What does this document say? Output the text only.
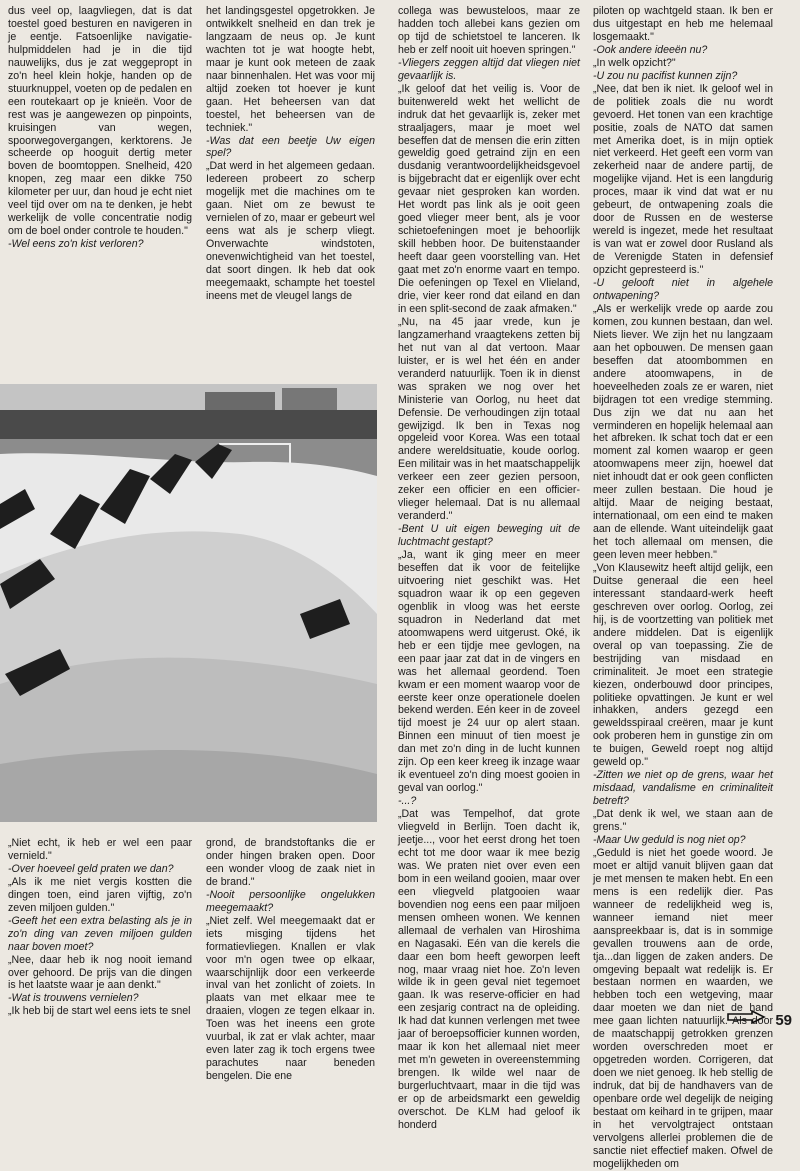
dus veel op, laagvliegen, dat is dat toestel goed besturen en navigeren in je eentje. Fatsoenlijke navigatie-hulpmiddelen had je in die tijd nauwelijks, dus je zat weggepropt in zo'n heel klein hokje, handen op de stuurknuppel, voeten op de pedalen en een routekaart op je knieën. Voor de rest was je aangewezen op pinpoints, kruisingen van wegen, spoorwegovergangen, kerktorens. Je scheerde op hooguit dertig meter boven de boomtoppen. Snelheid, 420 knopen, zeg maar een dikke 750 kilometer per uur, dan houd je echt niet veel tijd over om na te denken, je hebt werkelijk de volle concentratie nodig om de boel onder controle te houden."

-Wel eens zo'n kist verloren?

het landingsgestel opgetrokken. Je ontwikkelt snelheid en dan trek je langzaam de neus op. Je kunt wachten tot je wat hoogte hebt, maar je kunt ook meteen de zaak naar binnenhalen. Het was voor mij altijd zoeken tot hoever je kunt gaan. Het beheersen van dat toestel, het beheersen van de techniek."

-Was dat een beetje Uw eigen spel?

„Dat werd in het algemeen gedaan. Iedereen probeert zo scherp mogelijk met die machines om te gaan. Niet om ze bewust te vernielen of zo, maar er gebeurt wel eens wat als je scherp vliegt. Onverwachte windstoten, onevenwichtigheid van het toestel, dat soort dingen. Ik heb dat ook meegemaakt, schampte het toestel ineens met de vleugel langs de

collega was bewusteloos, maar ze hadden toch allebei kans gezien om op tijd de schietstoel te lanceren. Ik heb er zelf nooit uit hoeven springen."

-Vliegers zeggen altijd dat vliegen niet gevaarlijk is.

„Ik geloof dat het veilig is. Voor de buitenwereld wekt het wellicht de indruk dat het gevaarlijk is, zeker met straaljagers, maar je moet wel beseffen dat de mensen die erin zitten geweldig goed getraind zijn en een dusdanig verantwoordelijkheidsgevoel is bijgebracht dat er eigenlijk over echt gevaar niet gesproken kan worden. Het wordt pas link als je ooit geen goed vlieger meer bent, als je voor schietoefeningen moet je behoorlijk skill hebben hoor. De buitenstaander heeft daar geen voorstelling van. Het gaat met zo'n enorme vaart en tempo. Die oefeningen op Texel en Vlieland, drie, vier keer rond dat eiland en dan in een split-second de zaak afmaken."

„Nu, na 45 jaar vrede, kun je langzamerhand vraagtekens zetten bij het nut van al dat vertoon. Maar luister, er is wel het één en ander veranderd natuurlijk. Toen ik in dienst was spraken we nog over het Ministerie van Oorlog, nu heet dat Defensie. De verhoudingen zijn totaal gewijzigd. Ik ben in Texas nog opgeleid voor Korea. Was een totaal andere wereldsituatie, koude oorlog. Een militair was in het maatschappelijk verkeer een zeer gezien persoon, zeker een officier en een officier-vlieger helemaal. Dat is nu allemaal veranderd."

-Bent U uit eigen beweging uit de luchtmacht gestapt?

„Ja, want ik ging meer en meer beseffen dat ik voor de feitelijke uitvoering niet geschikt was. Het squadron waar ik op een gegeven ogenblik in vloog was het eerste squadron in Nederland dat met atoomwapens werd uitgerust. Oké, ik heb er een tijdje mee gevlogen, na een paar jaar zat dat in de vingers en was het allemaal geordend. Toen kwam er een moment waarop voor de eerste keer onze operationele doelen bekend werden. Eén keer in de zoveel tijd moest je 24 uur op alert staan. Binnen een minuut of tien moest je dan met zo'n ding in de lucht kunnen zijn. Op een keer kreeg ik inzage waar ik eventueel zo'n ding moest gooien in geval van oorlog."

-...?

„Dat was Tempelhof, dat grote vliegveld in Berlijn. Toen dacht ik, jeetje..., voor het eerst drong het toen echt tot me door waar ik mee bezig was. We praten niet over even een bom in een weiland gooien, maar over een vliegveld platgooien waar bovendien nog eens een paar miljoen mensen omheen wonen. We kennen allemaal de verhalen van Hiroshima en Nagasaki. Eén van die kerels die daar een bom heeft geworpen leeft nog, maar vraag niet hoe. Zo'n leven wilde ik in geen geval niet tegemoet gaan. Ik was reserve-officier en had een zesjarig contract na de opleiding. Ik had dat kunnen verlengen met twee jaar of beroepsofficier kunnen worden, maar ik kon het allemaal niet meer met m'n geweten in overeenstemming brengen. Ik wilde wel naar de burgerluchtvaart, maar in die tijd was er op de arbeidsmarkt een geweldig overschot. De KLM had geloof ik honderd

piloten op wachtgeld staan. Ik ben er dus uitgestapt en heb me helemaal losgemaakt."

-Ook andere ideeën nu?

„In welk opzicht?"

-U zou nu pacifist kunnen zijn?

„Nee, dat ben ik niet. Ik geloof wel in de politiek zoals die nu wordt gevoerd. Het tonen van een krachtige positie, zoals de NATO dat samen met Amerika doet, is in mijn optiek niet verkeerd. Het geeft een vorm van zekerheid naar de andere partij, de mogelijke vijand. Het is een langdurig proces, maar ik vind dat wat er nu gebeurt, de ontwapening zoals die door de Russen en de westerse wereld is ingezet, mede het resultaat is van wat er zowel door Rusland als de Verenigde Staten in defensief opzicht gepresteerd is."

-U gelooft niet in algehele ontwapening?

„Als er werkelijk vrede op aarde zou komen, zou kunnen bestaan, dan wel. Niets liever. We zijn het nu langzaam aan het opbouwen. De mensen gaan beseffen dat atoombommen en andere atoomwapens, in de hoeveelheden zoals ze er waren, niet bijdragen tot een vredige stemming. Dus zijn we dat nu aan het verminderen en hopelijk helemaal aan het afbreken. Ik schat toch dat er een moment zal komen waarop er geen atoomwapens meer zijn, hoewel dat niet inhoudt dat er ook geen conflicten meer zullen bestaan. Die houd je altijd. Maar de neiging bestaat, internationaal, om een eind te maken aan de ellende. Want uiteindelijk gaat het toch allemaal om mensen, die geen leven meer hebben."

„Von Klausewitz heeft altijd gelijk, een Duitse generaal die een heel interessant standaard-werk heeft geschreven over oorlog. Oorlog, zei hij, is de voortzetting van politiek met andere middelen. Dat is eigenlijk overal op van toepassing. Zie de bestrijding van misdaad en criminaliteit. Je moet een strategie kiezen, onderbouwd door principes, politieke opvattingen. Je kunt er wel inhakken, anders gezegd een geweldsspiraal creëren, maar je kunt ook proberen hem in gunstige zin om te buigen, Geweld roept nog altijd geweld op."

-Zitten we niet op de grens, waar het misdaad, vandalisme en criminaliteit betreft?

„Dat denk ik wel, we staan aan de grens."

-Maar Uw geduld is nog niet op?

„Geduld is niet het goede woord. Je moet er altijd vanuit blijven gaan dat je met mensen te maken hebt. En een mens is een redelijk dier. Pas wanneer de redelijkheid weg is, wanneer iemand niet meer aanspreekbaar is, dat is in sommige gevallen trouwens aan de orde, tja...dan liggen de zaken anders. De omgeving bepaalt wat redelijk is. Er bestaan normen en waarden, we hebben toch een wetgeving, maar daar moeten we dan niet de hand mee gaan lichten natuurlijk. Als door de maatschappij getrokken grenzen worden overschreden moet er opgetreden worden. Corrigeren, dat doen we niet genoeg. Ik heb stellig de indruk, dat bij de handhavers van de openbare orde wel degelijk de neiging bestaat om keihard in te grijpen, maar in het vervolgtraject ontstaan vervolgens allerlei problemen die de sanctie niet effectief maken. Ofwel de mogelijkheden om

„Niet echt, ik heb er wel een paar vernield."

-Over hoeveel geld praten we dan?

„Als ik me niet vergis kostten die dingen toen, eind jaren vijftig, zo'n zeven miljoen gulden."

-Geeft het een extra belasting als je in zo'n ding van zeven miljoen gulden naar boven moet?

„Nee, daar heb ik nog nooit iemand over gehoord. De prijs van die dingen is het laatste waar je aan denkt."

-Wat is trouwens vernielen?

„Ik heb bij de start wel eens iets te snel

grond, de brandstoftanks die er onder hingen braken open. Door een wonder vloog de zaak niet in de brand."

-Nooit persoonlijke ongelukken meegemaakt?

„Niet zelf. Wel meegemaakt dat er iets misging tijdens het formatievliegen. Knallen er vlak voor m'n ogen twee op elkaar, waarschijnlijk door een verkeerde inval van het zonlicht of zoiets. In plaats van met elkaar mee te draaien, vlogen ze tegen elkaar in. Toen was het ineens een grote vuurbal, ik zat er vlak achter, maar even later zag ik toch ergens twee parachutes naar beneden bengelen. Die ene

59
